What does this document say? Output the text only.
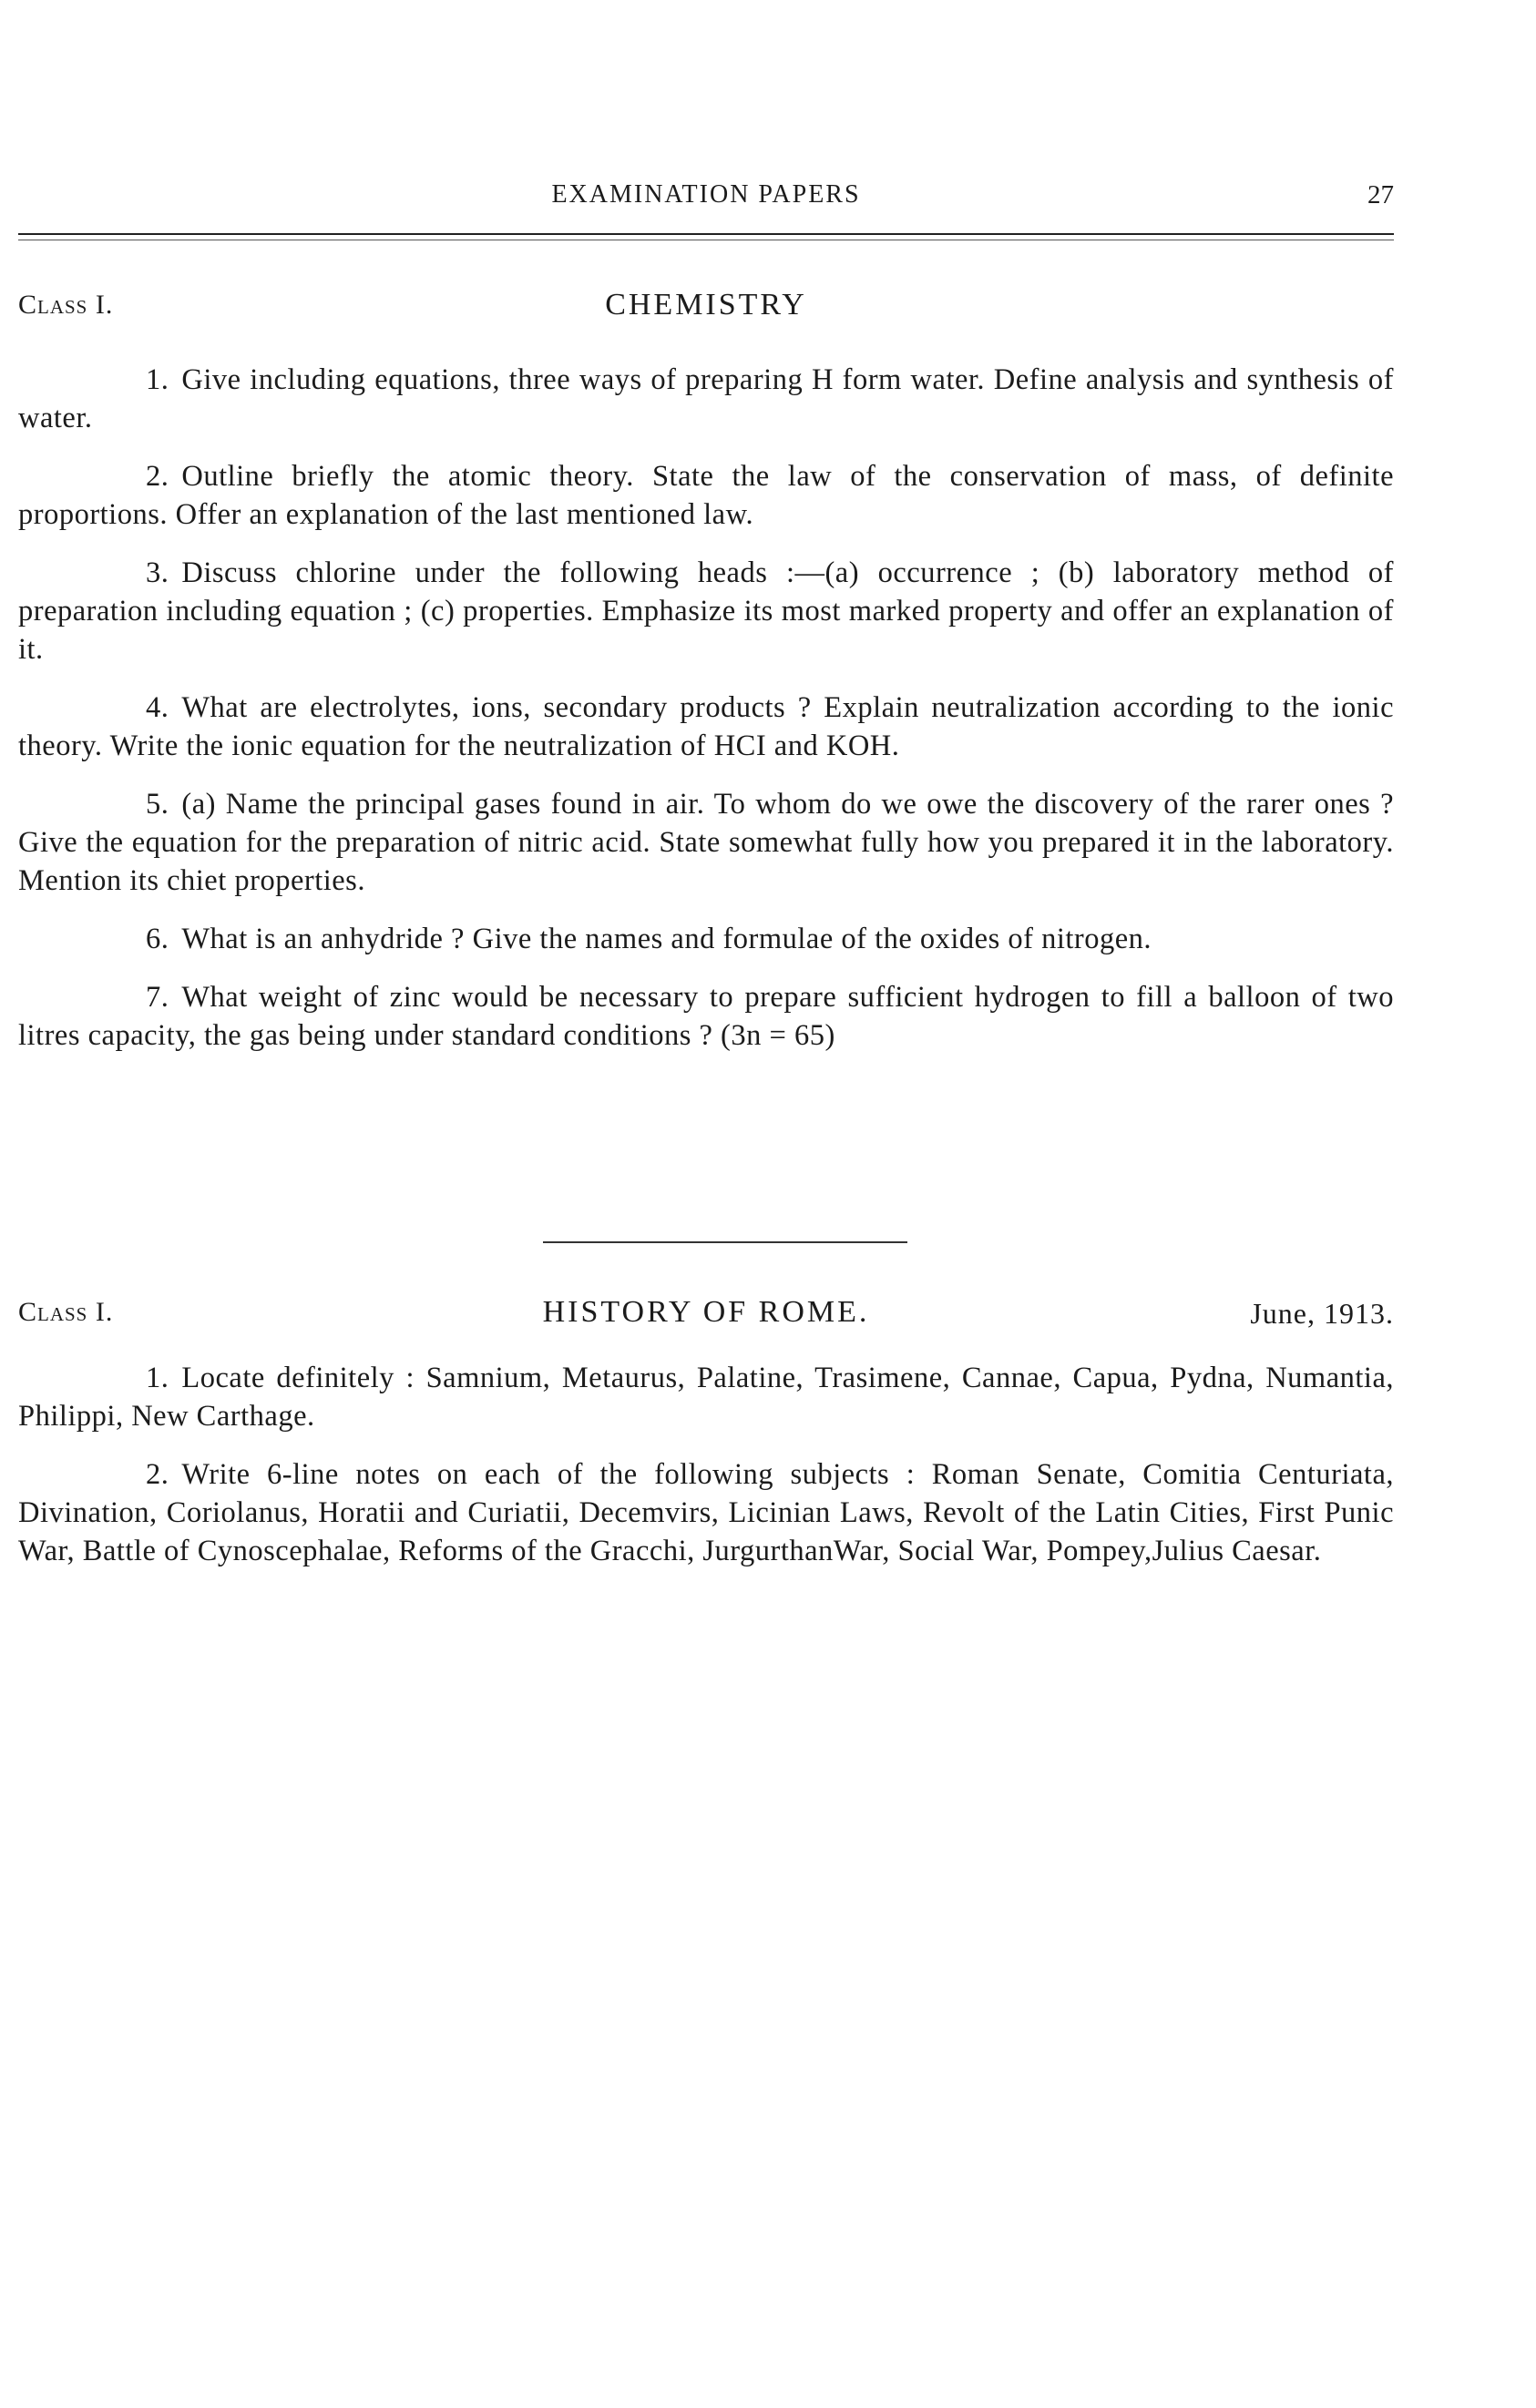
EXAMINATION PAPERS	27
Class I.	CHEMISTRY

1. Give including equations, three ways of preparing H form water. Define analysis and synthesis of water.

2. Outline briefly the atomic theory. State the law of the conservation of mass, of definite proportions. Offer an explanation of the last mentioned law.

3. Discuss chlorine under the following heads :—(a) occurrence ; (b) laboratory method of preparation including equation ; (c) properties. Emphasize its most marked property and offer an explanation of it.

4. What are electrolytes, ions, secondary products ? Explain neutralization according to the ionic theory. Write the ionic equation for the neutralization of HCI and KOH.

5. (a) Name the principal gases found in air. To whom do we owe the discovery of the rarer ones ? Give the equation for the preparation of nitric acid. State somewhat fully how you prepared it in the laboratory. Mention its chiet properties.

6. What is an anhydride ? Give the names and formulae of the oxides of nitrogen.

7. What weight of zinc would be necessary to prepare sufficient hydrogen to fill a balloon of two litres capacity, the gas being under standard conditions ? (3n = 65)

Class I.	HISTORY OF ROME.	June, 1913.

1. Locate definitely : Samnium, Metaurus, Palatine, Trasimene, Cannae, Capua, Pydna, Numantia, Philippi, New Carthage.

2. Write 6-line notes on each of the following subjects : Roman Senate, Comitia Centuriata, Divination, Coriolanus, Horatii and Curiatii, Decemvirs, Licinian Laws, Revolt of the Latin Cities, First Punic War, Battle of Cynoscephalae, Reforms of the Gracchi, JurgurthanWar, Social War, Pompey,Julius Caesar.
